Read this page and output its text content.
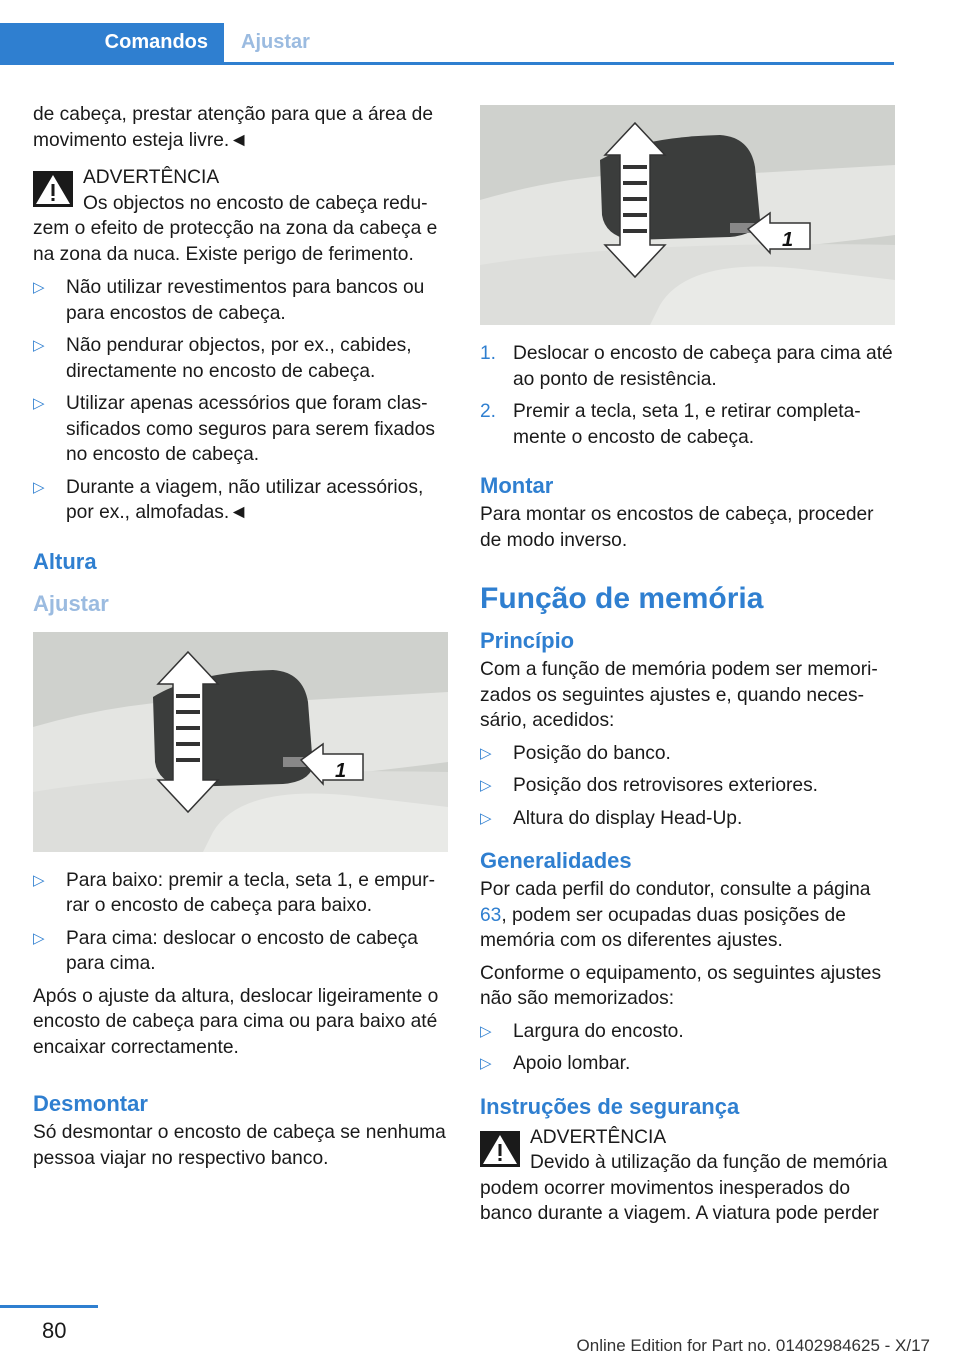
Comandos	Ajustar

de cabeça, prestar atenção para que a área de movimento esteja livre.◄

ADVERTÊNCIA
Os objectos no encosto de cabeça reduzem o efeito de protecção na zona da cabeça e na zona da nuca. Existe perigo de ferimento.
▷ Não utilizar revestimentos para bancos ou para encostos de cabeça.
▷ Não pendurar objectos, por ex., cabides, directamente no encosto de cabeça.
▷ Utilizar apenas acessórios que foram classificados como seguros para serem fixados no encosto de cabeça.
▷ Durante a viagem, não utilizar acessórios, por ex., almofadas.◄
Altura
Ajustar
1
▷ Para baixo: premir a tecla, seta 1, e empurrar o encosto de cabeça para baixo.
▷ Para cima: deslocar o encosto de cabeça para cima.

Após o ajuste da altura, deslocar ligeiramente o encosto de cabeça para cima ou para baixo até encaixar correctamente.

Desmontar

Só desmontar o encosto de cabeça se nenhuma pessoa viajar no respectivo banco.

1
1. Deslocar o encosto de cabeça para cima até ao ponto de resistência.
2. Premir a tecla, seta 1, e retirar completamente o encosto de cabeça.
Montar

Para montar os encostos de cabeça, proceder de modo inverso.

Função de memória
Princípio

Com a função de memória podem ser memorizados os seguintes ajustes e, quando necessário, acedidos:

▷ Posição do banco.
▷ Posição dos retrovisores exteriores.
▷ Altura do display Head-Up.
Generalidades

Por cada perfil do condutor, consulte a página 63, podem ser ocupadas duas posições de memória com os diferentes ajustes.

Conforme o equipamento, os seguintes ajustes não são memorizados:

▷ Largura do encosto.
▷ Apoio lombar.
Instruções de segurança
ADVERTÊNCIA
Devido à utilização da função de memória podem ocorrer movimentos inesperados do banco durante a viagem. A viatura pode perder
80
Online Edition for Part no. 01402984625 - X/17
